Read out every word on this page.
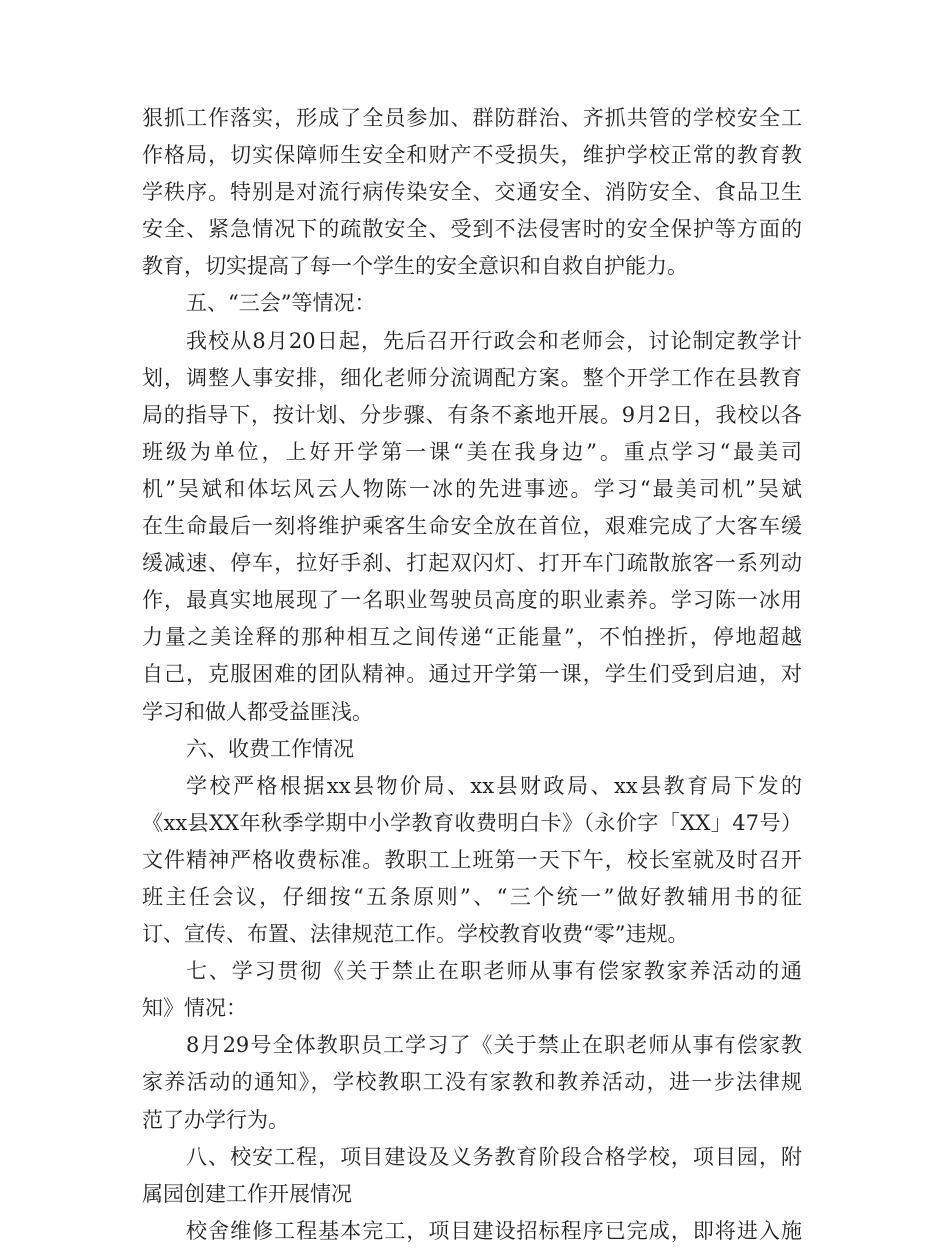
狠抓工作落实，形成了全员参加、群防群治、齐抓共管的学校安全工
作格局，切实保障师生安全和财产不受损失，维护学校正常的教育教
学秩序。特别是对流行病传染安全、交通安全、消防安全、食品卫生
安全、紧急情况下的疏散安全、受到不法侵害时的安全保护等方面的
教育，切实提高了每一个学生的安全意识和自救自护能力。
五、“三会”等情况：
我校从8月20日起，先后召开行政会和老师会，讨论制定教学计
划，调整人事安排，细化老师分流调配方案。整个开学工作在县教育
局的指导下，按计划、分步骤、有条不紊地开展。9月2日，我校以各
班级为单位，上好开学第一课“美在我身边”。重点学习“最美司
机”吴斌和体坛风云人物陈一冰的先进事迹。学习“最美司机”吴斌
在生命最后一刻将维护乘客生命安全放在首位，艰难完成了大客车缓
缓减速、停车，拉好手刹、打起双闪灯、打开车门疏散旅客一系列动
作，最真实地展现了一名职业驾驶员高度的职业素养。学习陈一冰用
力量之美诠释的那种相互之间传递“正能量”，不怕挫折，停地超越
自己，克服困难的团队精神。通过开学第一课，学生们受到启迪，对
学习和做人都受益匪浅。
六、收费工作情况
学校严格根据xx县物价局、xx县财政局、xx县教育局下发的
《xx县XX年秋季学期中小学教育收费明白卡》（永价字「XX」47号）
文件精神严格收费标准。教职工上班第一天下午，校长室就及时召开
班主任会议，仔细按“五条原则”、“三个统一”做好教辅用书的征
订、宣传、布置、法律规范工作。学校教育收费“零”违规。
七、学习贯彻《关于禁止在职老师从事有偿家教家养活动的通
知》情况：
8月29号全体教职员工学习了《关于禁止在职老师从事有偿家教
家养活动的通知》，学校教职工没有家教和教养活动，进一步法律规
范了办学行为。
八、校安工程，项目建设及义务教育阶段合格学校，项目园，附
属园创建工作开展情况
校舍维修工程基本完工，项目建设招标程序已完成，即将进入施
